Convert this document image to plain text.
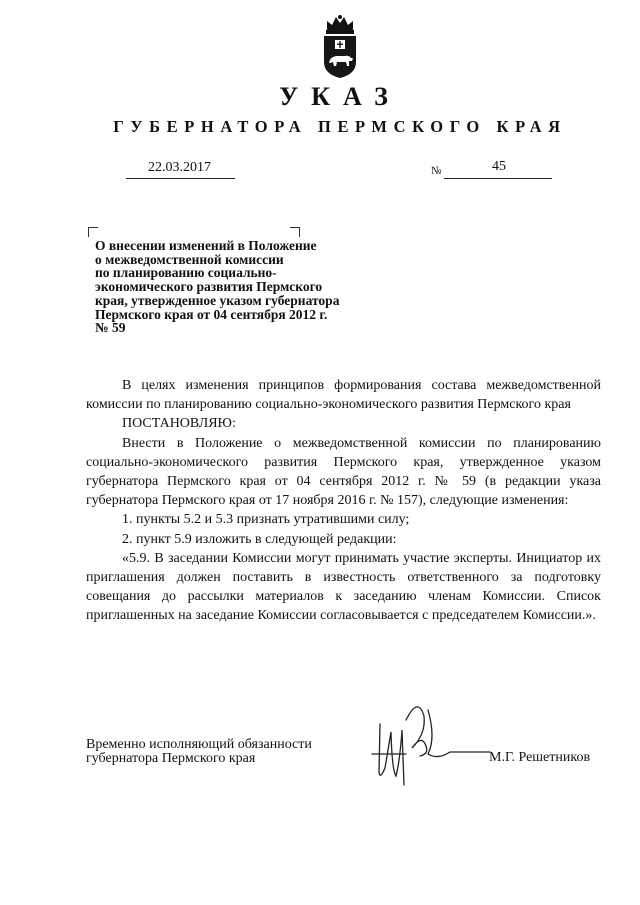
УКАЗ
ГУБЕРНАТОРА ПЕРМСКОГО КРАЯ
22.03.2017	№	45
О внесении изменений в Положение
о межведомственной комиссии
по планированию социально-
экономического развития Пермского
края, утвержденное указом губернатора
Пермского края от 04 сентября 2012 г.
№ 59

В целях изменения принципов формирования состава межведомственной комиссии по планированию социально-экономического развития Пермского края

ПОСТАНОВЛЯЮ:

Внести в Положение о межведомственной комиссии по планированию социально-экономического развития Пермского края, утвержденное указом губернатора Пермского края от 04 сентября 2012 г. № 59 (в редакции указа губернатора Пермского края от 17 ноября 2016 г. № 157), следующие изменения:

1. пункты 5.2 и 5.3 признать утратившими силу;

2. пункт 5.9 изложить в следующей редакции:

«5.9. В заседании Комиссии могут принимать участие эксперты. Инициатор их приглашения должен поставить в известность ответственного за подготовку совещания до рассылки материалов к заседанию членам Комиссии. Список приглашенных на заседание Комиссии согласовывается с председателем Комиссии.».

Временно исполняющий обязанности
губернатора Пермского края	М.Г. Решетников
